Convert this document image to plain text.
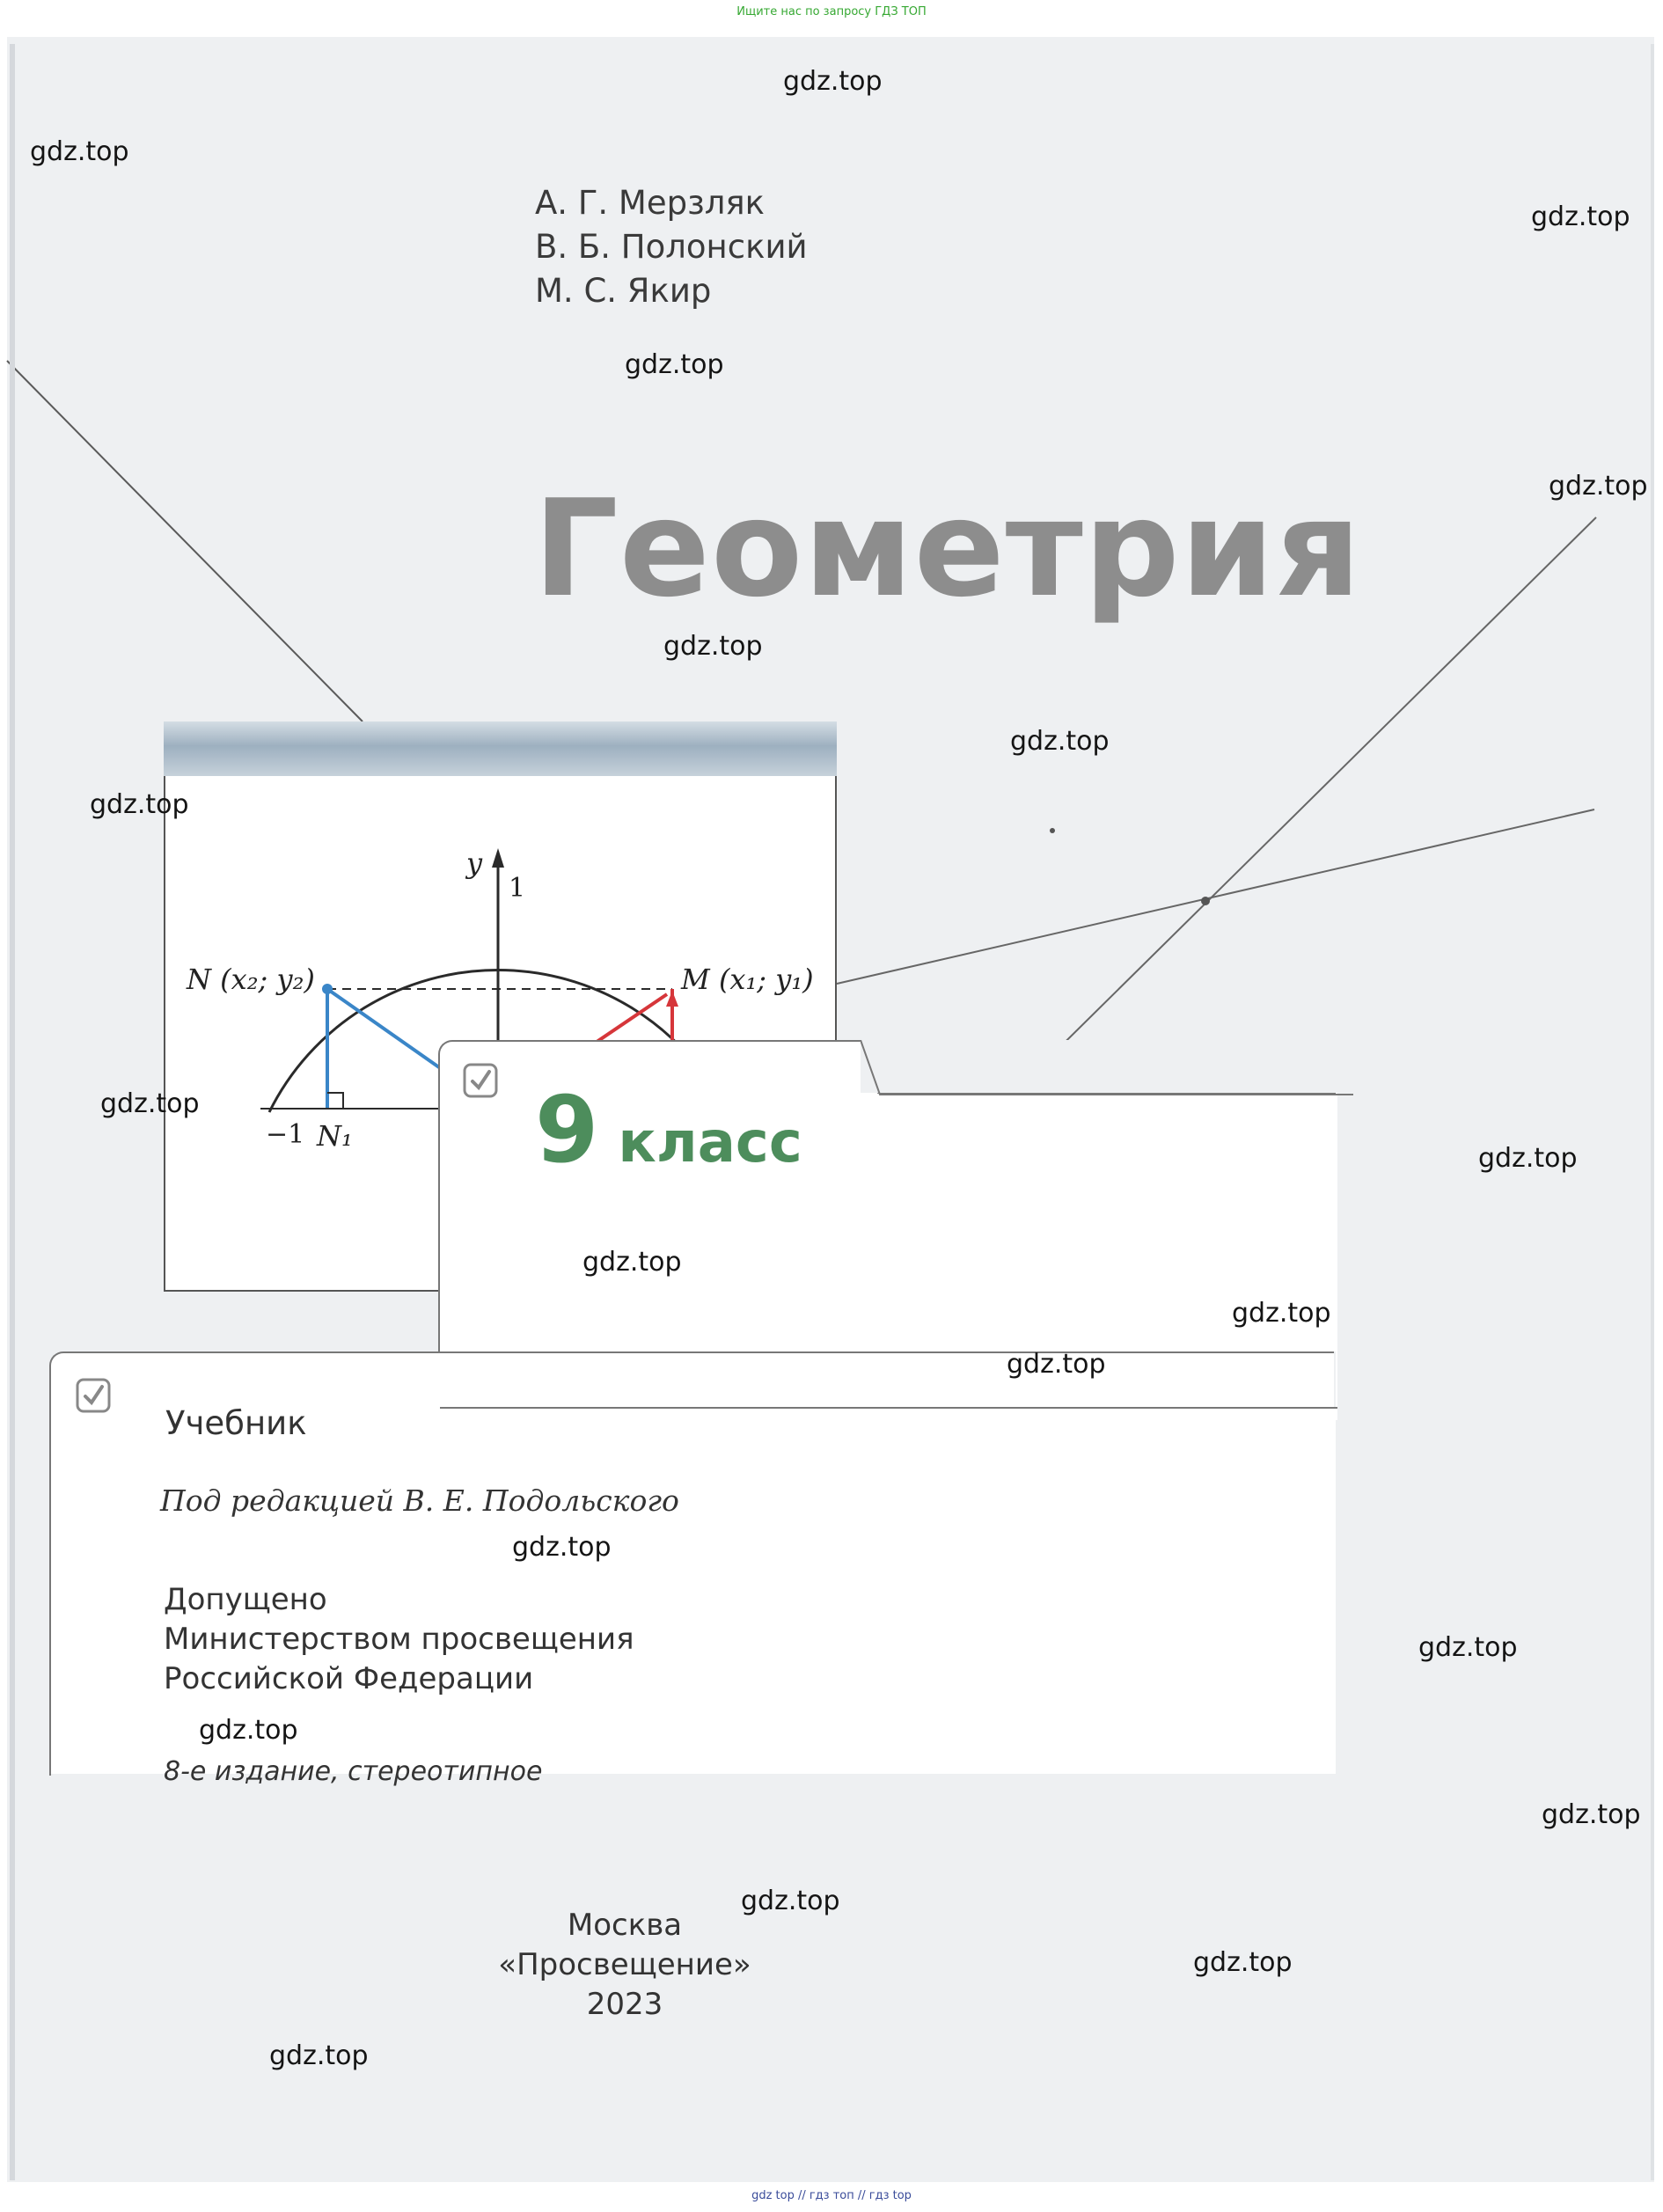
Ищите нас по запросу ГДЗ ТОП
А. Г. Мерзляк
В. Б. Полонский
М. С. Якир
Геометрия
y
1
N (x₂; y₂)	M (x₁; y₁)
−1 N₁ 9 класс
Учебник
Под редакцией В. Е. Подольского
Допущено
Министерством просвещения
Российской Федерации
8-е издание, стереотипное
Москва
«Просвещение»
2023
gdz.top
gdz.top
gdz.top
gdz.top
gdz.top
gdz.top
gdz.top
gdz.top
gdz.top
gdz.top
gdz.top
gdz.top
gdz.top
gdz.top
gdz.top
gdz.top
gdz.top
gdz.top
gdz.top
gdz.top
gdz top // гдз топ // гдз top
